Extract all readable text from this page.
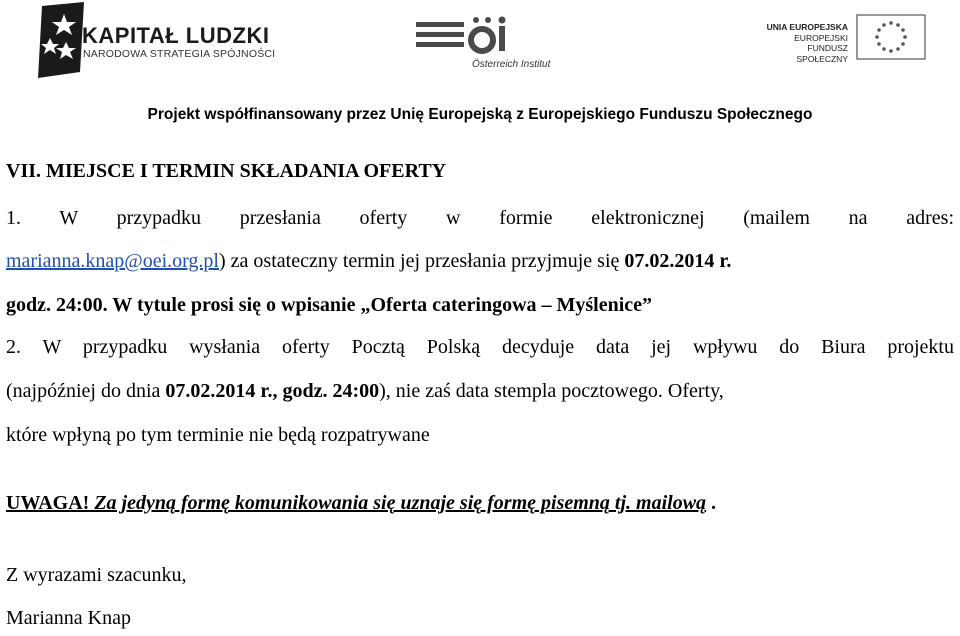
KAPITAŁ LUDZKI
NARODOWA STRATEGIA SPÓJNOŚCI
Österreich Institut
UNIA EUROPEJSKA
EUROPEJSKI
FUNDUSZ SPOŁECZNY
Projekt współfinansowany przez Unię Europejską z Europejskiego Funduszu Społecznego
VII. MIEJSCE I TERMIN SKŁADANIA OFERTY
1. W przypadku przesłania oferty w formie elektronicznej (mailem na adres:
marianna.knap@oei.org.pl) za ostateczny termin jej przesłania przyjmuje się 07.02.2014 r.
godz. 24:00. W tytule prosi się o wpisanie „Oferta cateringowa – Myślenice”
2. W przypadku wysłania oferty Pocztą Polską decyduje data jej wpływu do Biura projektu
(najpóźniej do dnia 07.02.2014 r., godz. 24:00), nie zaś data stempla pocztowego. Oferty,
które wpłyną po tym terminie nie będą rozpatrywane
UWAGA! Za jedyną formę komunikowania się uznaje się formę pisemną tj. mailową .
Z wyrazami szacunku,
Marianna Knap
